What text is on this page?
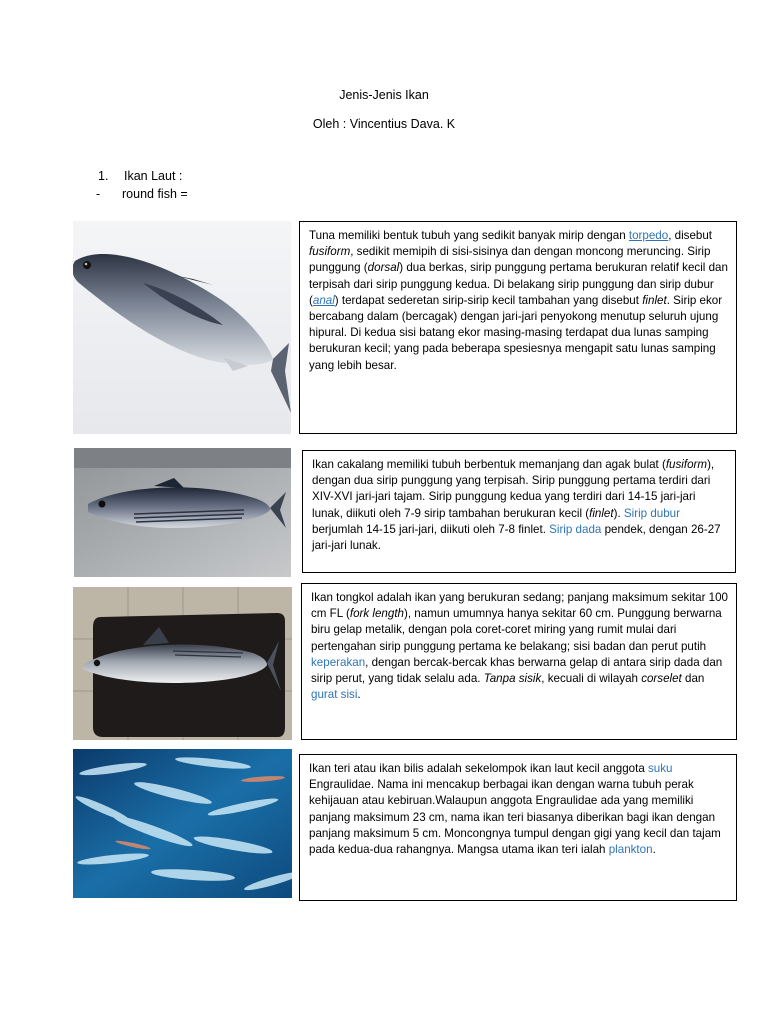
Jenis-Jenis Ikan
Oleh : Vincentius Dava. K
1. Ikan Laut :
- round fish =
Tuna memiliki bentuk tubuh yang sedikit banyak mirip dengan torpedo, disebut fusiform, sedikit memipih di sisi-sisinya dan dengan moncong meruncing. Sirip punggung (dorsal) dua berkas, sirip punggung pertama berukuran relatif kecil dan terpisah dari sirip punggung kedua. Di belakang sirip punggung dan sirip dubur (anal) terdapat sederetan sirip-sirip kecil tambahan yang disebut finlet. Sirip ekor bercabang dalam (bercagak) dengan jari-jari penyokong menutup seluruh ujung hipural. Di kedua sisi batang ekor masing-masing terdapat dua lunas samping berukuran kecil; yang pada beberapa spesiesnya mengapit satu lunas samping yang lebih besar.
Ikan cakalang memiliki tubuh berbentuk memanjang dan agak bulat (fusiform), dengan dua sirip punggung yang terpisah. Sirip punggung pertama terdiri dari XIV-XVI jari-jari tajam. Sirip punggung kedua yang terdiri dari 14-15 jari-jari lunak, diikuti oleh 7-9 sirip tambahan berukuran kecil (finlet). Sirip dubur berjumlah 14-15 jari-jari, diikuti oleh 7-8 finlet. Sirip dada pendek, dengan 26-27 jari-jari lunak.
Ikan tongkol adalah ikan yang berukuran sedang; panjang maksimum sekitar 100 cm FL (fork length), namun umumnya hanya sekitar 60 cm. Punggung berwarna biru gelap metalik, dengan pola coret-coret miring yang rumit mulai dari pertengahan sirip punggung pertama ke belakang; sisi badan dan perut putih keperakan, dengan bercak-bercak khas berwarna gelap di antara sirip dada dan sirip perut, yang tidak selalu ada. Tanpa sisik, kecuali di wilayah corselet dan gurat sisi.
Ikan teri atau ikan bilis adalah sekelompok ikan laut kecil anggota suku Engraulidae. Nama ini mencakup berbagai ikan dengan warna tubuh perak kehijauan atau kebiruan.Walaupun anggota Engraulidae ada yang memiliki panjang maksimum 23 cm, nama ikan teri biasanya diberikan bagi ikan dengan panjang maksimum 5 cm. Moncongnya tumpul dengan gigi yang kecil dan tajam pada kedua-dua rahangnya. Mangsa utama ikan teri ialah plankton.
